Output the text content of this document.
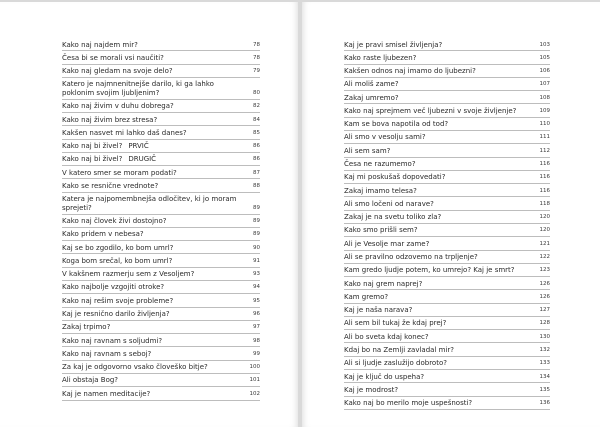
Kako naj najdem mir?	78
Česa bi se morali vsi naučiti?	78
Kako naj gledam na svoje delo?	79
Katero je najmnenitnejše darilo, ki ga lahko poklonim svojim ljubljenim?	80
Kako naj živim v duhu dobrega?	82
Kako naj živim brez stresa?	84
Kakšen nasvet mi lahko daš danes?	85
Kako naj bi živel? PRVIČ	86
Kako naj bi živel? DRUGIČ	86
V katero smer se moram podati?	87
Kako se resnične vrednote?	88
Katera je najpomembnejša odločitev, ki jo moram sprejeti?	89
Kako naj človek živi dostojno?	89
Kako pridem v nebesa?	89
Kaj se bo zgodilo, ko bom umrl?	90
Koga bom srečal, ko bom umrl?	91
V kakšnem razmerju sem z Vesoljem?	93
Kako najbolje vzgojiti otroke?	94
Kako naj rešim svoje probleme?	95
Kaj je resnično darilo življenja?	96
Zakaj trpimo?	97
Kako naj ravnam s soljudmi?	98
Kako naj ravnam s seboj?	99
Za kaj je odgovorno vsako človeško bitje?	100
Ali obstaja Bog?	101
Kaj je namen meditacije?	102
Kaj je pravi smisel življenja?	103
Kako raste ljubezen?	105
Kakšen odnos naj imamo do ljubezni?	106
Ali moliš zame?	107
Zakaj umremo?	108
Kako naj sprejmem več ljubezni v svoje življenje?	109
Kam se bova napotila od tod?	110
Ali smo v vesolju sami?	111
Ali sem sam?	112
Česa ne razumemo?	116
Kaj mi poskušaš dopovedati?	116
Zakaj imamo telesa?	116
Ali smo ločeni od narave?	118
Zakaj je na svetu toliko zla?	120
Kako smo prišli sem?	120
Ali je Vesolje mar zame?	121
Ali se pravilno odzovemo na trpljenje?	122
Kam gredo ljudje potem, ko umrejo? Kaj je smrt?	123
Kako naj grem naprej?	126
Kam gremo?	126
Kaj je naša narava?	127
Ali sem bil tukaj že kdaj prej?	128
Ali bo sveta kdaj konec?	130
Kdaj bo na Zemlji zavladal mir?	132
Ali si ljudje zaslužijo dobroto?	133
Kaj je ključ do uspeha?	134
Kaj je modrost?	135
Kako naj bo merilo moje uspešnosti?	136
